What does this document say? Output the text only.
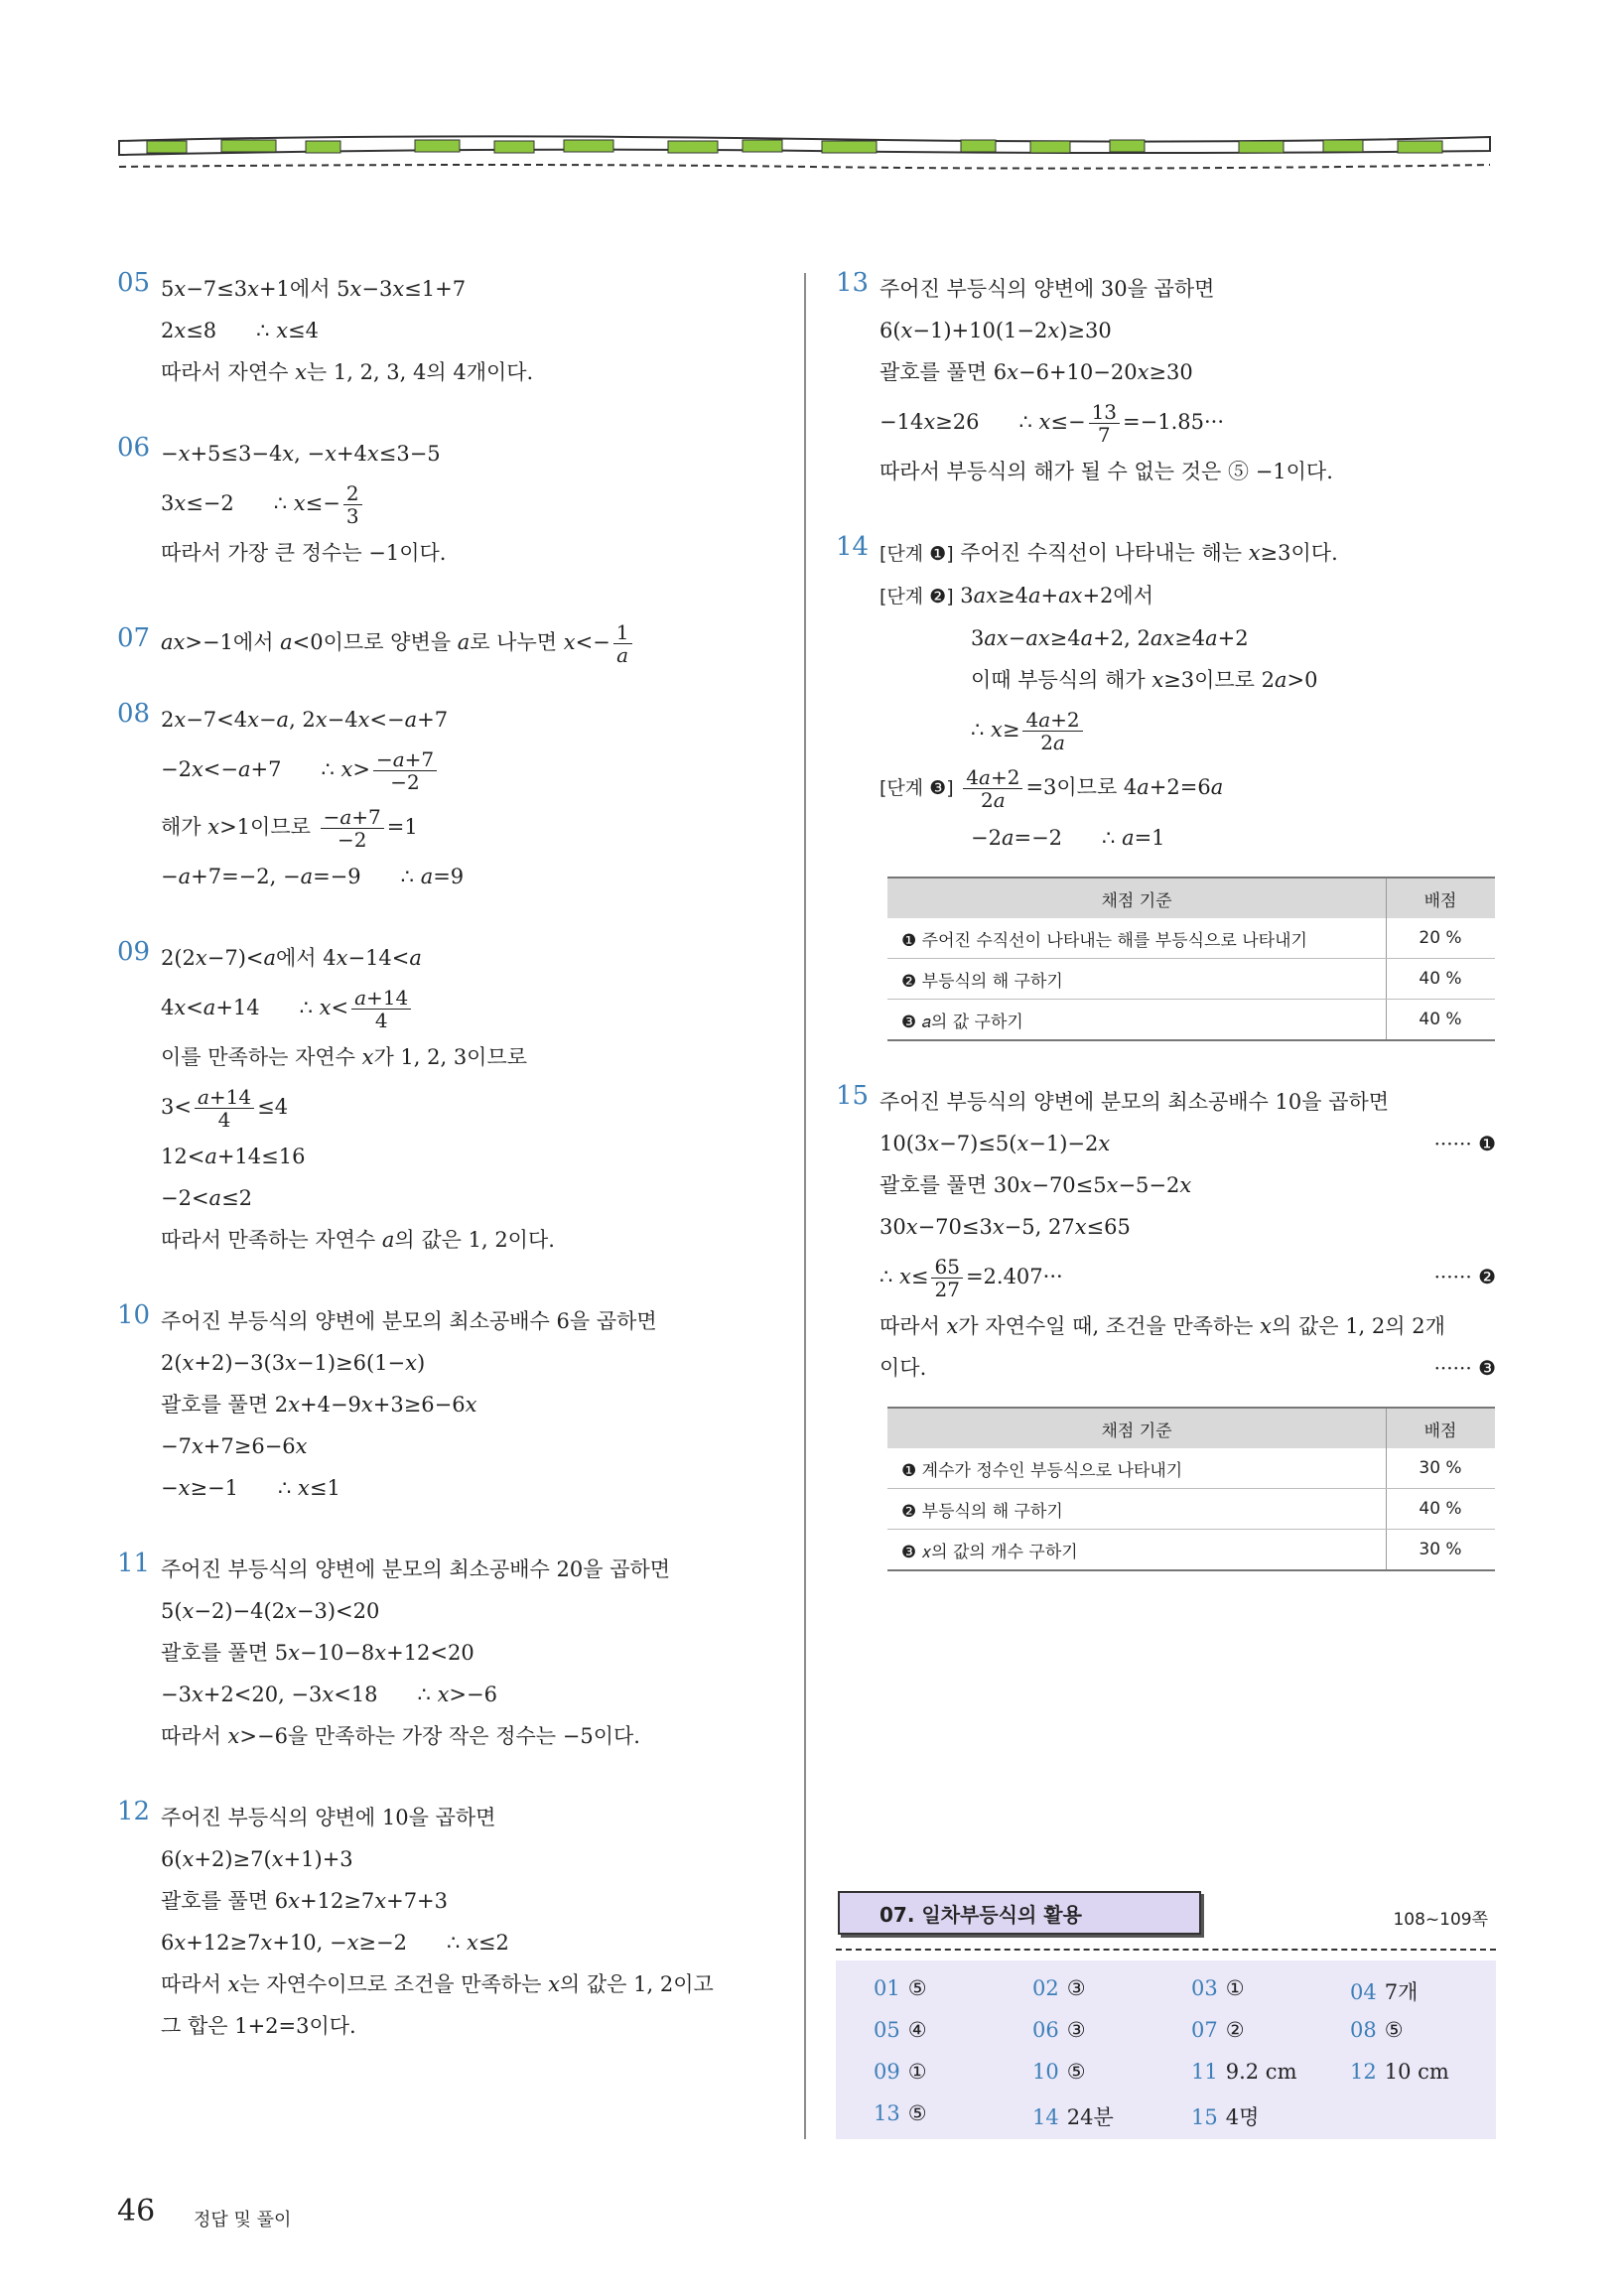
05 5𝑥−7≤3𝑥+1에서 5𝑥−3𝑥≤1+7
2𝑥≤8 ∴ 𝑥≤4
따라서 자연수 𝑥는 1, 2, 3, 4의 4개이다.
06 −𝑥+5≤3−4𝑥, −𝑥+4𝑥≤3−5
3𝑥≤−2 ∴ 𝑥≤− $\frac{2}{3}$
따라서 가장 큰 정수는 −1이다.
07 𝑎𝑥>−1에서 𝑎<0이므로 양변을 𝑎로 나누면 𝑥<− $\frac{1}{\text{𝑎}}$
08 2𝑥−7<4𝑥−𝑎, 2𝑥−4𝑥<−𝑎+7
−2𝑥<−𝑎+7 ∴ 𝑥> $\frac{\text{−𝑎+7}}{-2}$
해가 𝑥>1이므로 $\frac{\text{−𝑎+7}}{-2} =1$
−𝑎+7=−2, −𝑎=−9 ∴ 𝑎=9
09 2(2𝑥−7)<𝑎에서 4𝑥−14<𝑎
4𝑥<𝑎+14 ∴ 𝑥< $\frac{\text{𝑎+14}}{4}$
이를 만족하는 자연수 𝑥가 1, 2, 3이므로
$3< \frac{\text{𝑎+14}}{4} \le 4$
12<𝑎+14≤16
−2<𝑎≤2
따라서 만족하는 자연수 𝑎의 값은 1, 2이다.
10 주어진 부등식의 양변에 분모의 최소공배수 6을 곱하면
2(𝑥+2)−3(3𝑥−1)≥6(1−𝑥)
괄호를 풀면 2𝑥+4−9𝑥+3≥6−6𝑥
−7𝑥+7≥6−6𝑥
−𝑥≥−1 ∴ 𝑥≤1
11 주어진 부등식의 양변에 분모의 최소공배수 20을 곱하면
5(𝑥−2)−4(2𝑥−3)<20
괄호를 풀면 5𝑥−10−8𝑥+12<20
−3𝑥+2<20, −3𝑥<18 ∴ 𝑥>−6
따라서 𝑥>−6을 만족하는 가장 작은 정수는 −5이다.
12 주어진 부등식의 양변에 10을 곱하면
6(𝑥+2)≥7(𝑥+1)+3
괄호를 풀면 6𝑥+12≥7𝑥+7+3
6𝑥+12≥7𝑥+10, −𝑥≥−2 ∴ 𝑥≤2
따라서 𝑥는 자연수이므로 조건을 만족하는 𝑥의 값은 1, 2이고
그 합은 1+2=3이다.
13 주어진 부등식의 양변에 30을 곱하면
6(𝑥−1)+10(1−2𝑥)≥30
괄호를 풀면 6𝑥−6+10−20𝑥≥30
−14𝑥≥26 ∴ 𝑥≤− $\frac{13}{7} =-1.85\cdot\cdot\cdot$
따라서 부등식의 해가 될 수 없는 것은 ⑤ −1이다.
14 [단계 ❶] 주어진 수직선이 나타내는 해는 𝑥≥3이다.
[단계 ❷] 3𝑎𝑥≥4𝑎+𝑎𝑥+2에서
3𝑎𝑥−𝑎𝑥≥4𝑎+2, 2𝑎𝑥≥4𝑎+2
이때 부등식의 해가 𝑥≥3이므로 2𝑎>0
∴ 𝑥≥ $\frac{\text{4𝑎+2}}{\text{2𝑎}}$
[단계 ❸] $\frac{\text{4𝑎+2}}{\text{2𝑎}} =3$이므로 4𝑎+2=6𝑎
−2𝑎=−2 ∴ 𝑎=1
채점 기준	배점
❶ 주어진 수직선이 나타내는 해를 부등식으로 나타내기	20 %
❷ 부등식의 해 구하기	40 %
❸ 𝑎의 값 구하기	40 %
15 주어진 부등식의 양변에 분모의 최소공배수 10을 곱하면
10(3𝑥−7)≤5(𝑥−1)−2𝑥	······ ❶
괄호를 풀면 30𝑥−70≤5𝑥−5−2𝑥
30𝑥−70≤3𝑥−5, 27𝑥≤65
∴ 𝑥≤ $\frac{65}{27} =2.407\cdot\cdot\cdot$	······ ❷
따라서 𝑥가 자연수일 때, 조건을 만족하는 𝑥의 값은 1, 2의 2개
이다.	······ ❸
채점 기준	배점
❶ 계수가 정수인 부등식으로 나타내기	30 %
❷ 부등식의 해 구하기	40 %
❸ 𝑥의 값의 개수 구하기	30 %
07. 일차부등식의 활용	108~109쪽
01 ⑤	02 ③	03 ①	04 7개
05 ④	06 ③	07 ②	08 ⑤
09 ①	10 ⑤	11 9.2 cm	12 10 cm
13 ⑤	14 24분	15 4명
46 정답 및 풀이
